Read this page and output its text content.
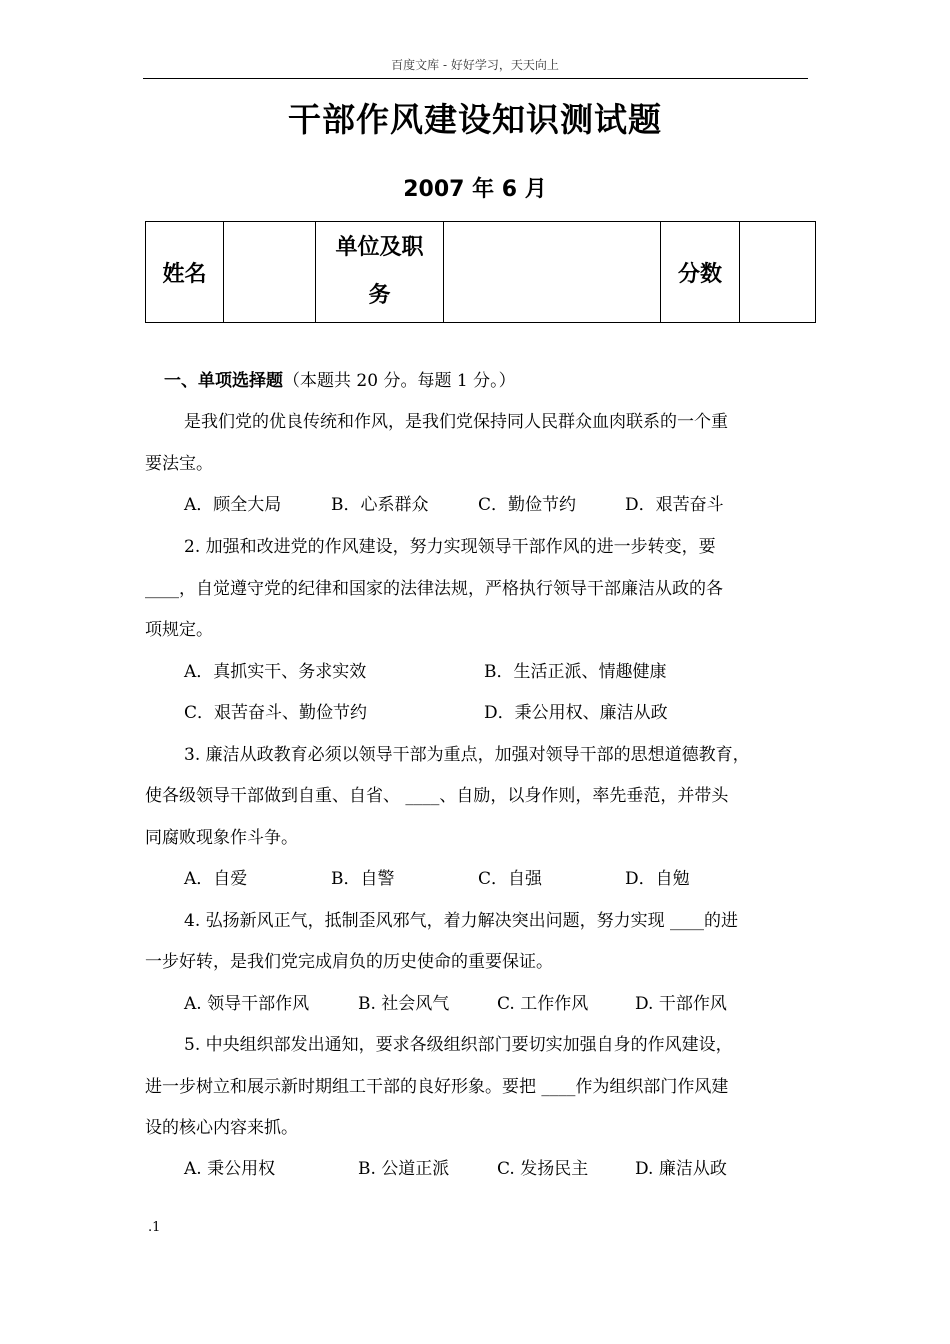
百度文库 - 好好学习，天天向上
干部作风建设知识测试题
2007 年 6 月
姓名		单位及职务		分数	
一、单项选择题（本题共 20 分。每题 1 分。）
是我们党的优良传统和作风，是我们党保持同人民群众血肉联系的一个重
要法宝。
A．顾全大局	B．心系群众	C．勤俭节约	D．艰苦奋斗
2. 加强和改进党的作风建设，努力实现领导干部作风的进一步转变，要
____，自觉遵守党的纪律和国家的法律法规，严格执行领导干部廉洁从政的各
项规定。
A．真抓实干、务求实效	B．生活正派、情趣健康
C．艰苦奋斗、勤俭节约	D．秉公用权、廉洁从政
3. 廉洁从政教育必须以领导干部为重点，加强对领导干部的思想道德教育，
使各级领导干部做到自重、自省、 ____、自励，以身作则，率先垂范，并带头
同腐败现象作斗争。
A．自爱	B．自警	C．自强	D．自勉
4. 弘扬新风正气，抵制歪风邪气，着力解决突出问题，努力实现 ____的进
一步好转，是我们党完成肩负的历史使命的重要保证。
A. 领导干部作风	B. 社会风气	C. 工作作风	D. 干部作风
5. 中央组织部发出通知，要求各级组织部门要切实加强自身的作风建设，
进一步树立和展示新时期组工干部的良好形象。要把 ____作为组织部门作风建
设的核心内容来抓。
A. 秉公用权	B. 公道正派	C. 发扬民主	D. 廉洁从政
.1
